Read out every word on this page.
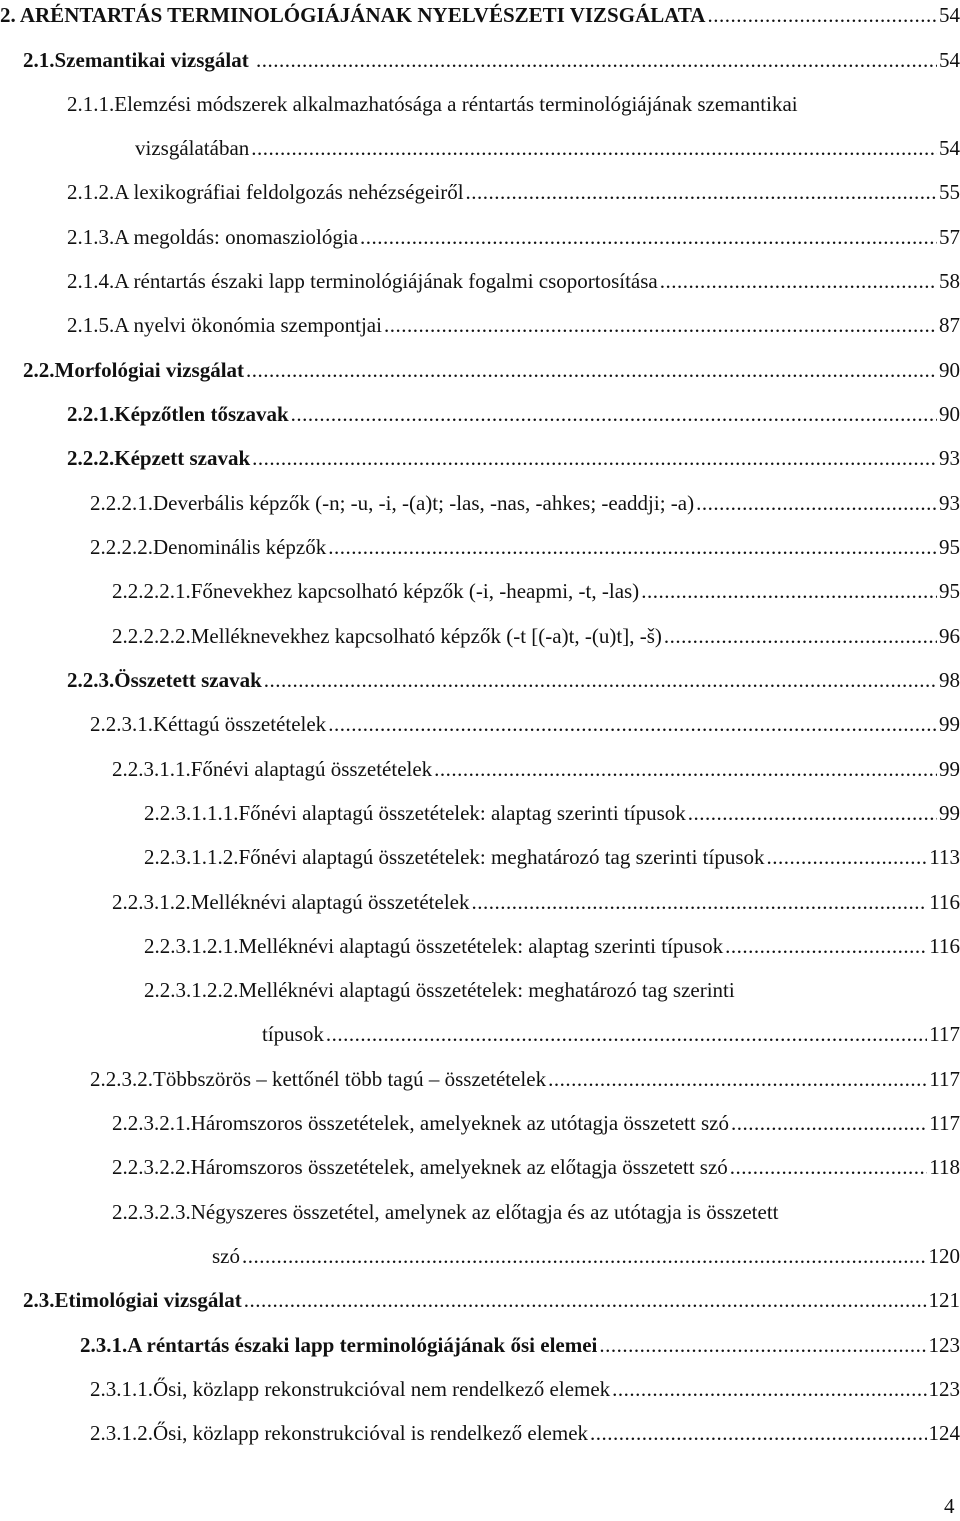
2. A RÉNTARTÁS TERMINOLÓGIÁJÁNAK NYELVÉSZETI VIZSGÁLATA .....	54
2.1. Szemantikai vizsgálat .....	54
2.1.1. Elemzési módszerek alkalmazhatósága a réntartás terminológiájának szemantikai
vizsgálatában .....	54
2.1.2. A lexikográfiai feldolgozás nehézségeiről .....	55
2.1.3. A megoldás: onomasziológia .....	57
2.1.4. A réntartás északi lapp terminológiájának fogalmi csoportosítása .....	58
2.1.5. A nyelvi ökonómia szempontjai .....	87
2.2. Morfológiai vizsgálat .....	90
2.2.1. Képzőtlen tőszavak .....	90
2.2.2. Képzett szavak .....	93
2.2.2.1. Deverbális képzők (-n; -u, -i, -(a)t; -las, -nas, -ahkes; -eaddji; -a) .....	93
2.2.2.2. Denominális képzők .....	95
2.2.2.2.1. Főnevekhez kapcsolható képzők (-i, -heapmi, -t, -las) .....	95
2.2.2.2.2. Melléknevekhez kapcsolható képzők (-t [(-a)t, -(u)t], -š) .....	96
2.2.3. Összetett szavak .....	98
2.2.3.1. Kéttagú összetételek .....	99
2.2.3.1.1. Főnévi alaptagú összetételek .....	99
2.2.3.1.1.1. Főnévi alaptagú összetételek: alaptag szerinti típusok .....	99
2.2.3.1.1.2. Főnévi alaptagú összetételek: meghatározó tag szerinti típusok .....	113
2.2.3.1.2. Melléknévi alaptagú összetételek .....	116
2.2.3.1.2.1. Melléknévi alaptagú összetételek: alaptag szerinti típusok .....	116
2.2.3.1.2.2. Melléknévi alaptagú összetételek: meghatározó tag szerinti
típusok .....	117
2.2.3.2. Többszörös – kettőnél több tagú – összetételek .....	117
2.2.3.2.1. Háromszoros összetételek, amelyeknek az utótagja összetett szó .....	117
2.2.3.2.2. Háromszoros összetételek, amelyeknek az előtagja összetett szó .....	118
2.2.3.2.3. Négyszeres összetétel, amelynek az előtagja és az utótagja is összetett
szó .....	120
2.3. Etimológiai vizsgálat .....	121
2.3.1. A réntartás északi lapp terminológiájának ősi elemei .....	123
2.3.1.1. Ősi, közlapp rekonstrukcióval nem rendelkező elemek .....	123
2.3.1.2. Ősi, közlapp rekonstrukcióval is rendelkező elemek .....	124
4
